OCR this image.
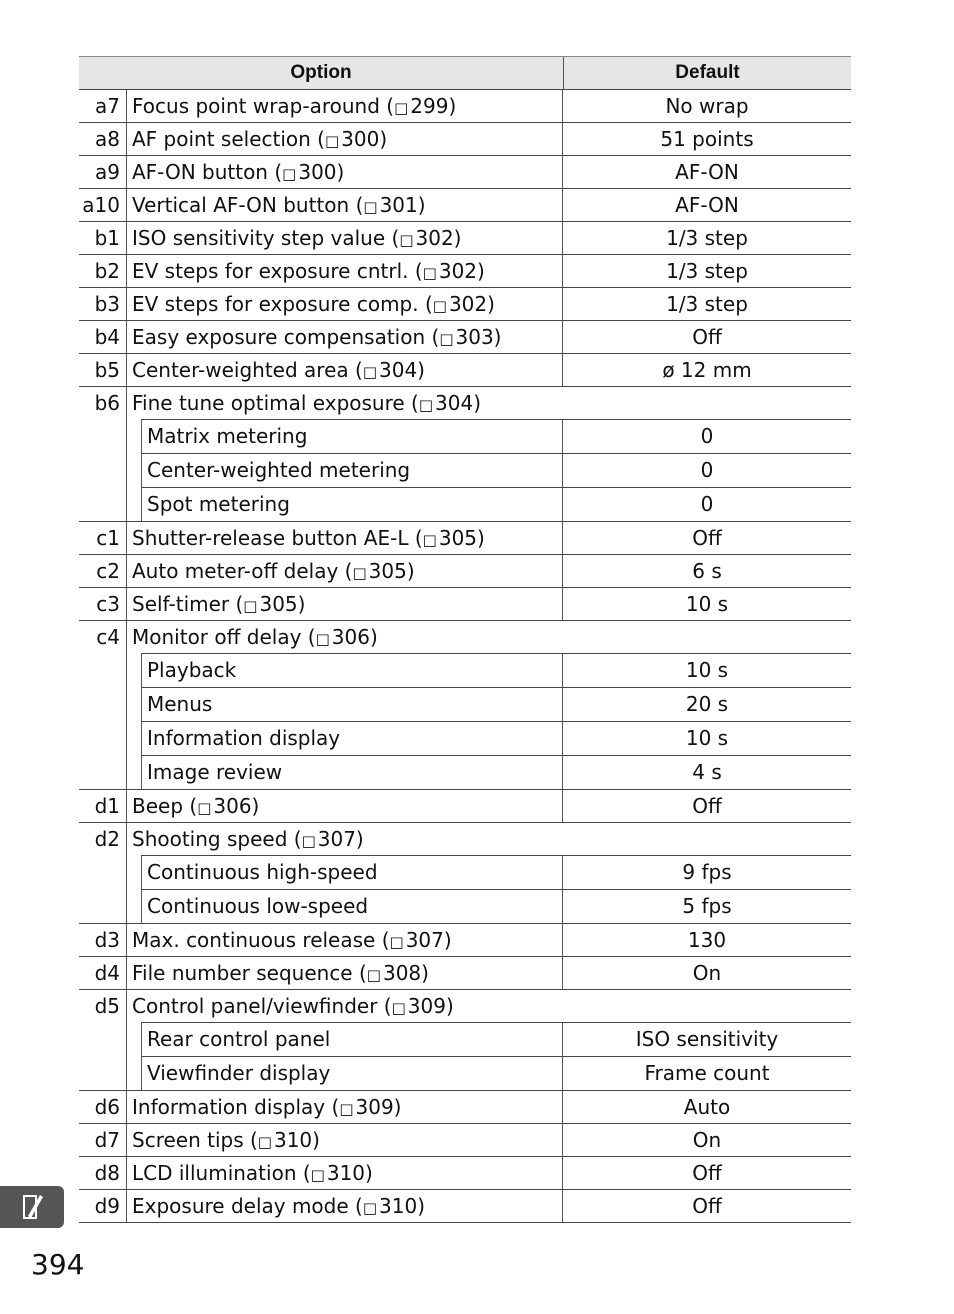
Option	Default
a7 Focus point wrap-around (□ 299)	No wrap
a8 AF point selection (□ 300)	51 points
a9 AF-ON button (□ 300)	AF-ON
a10 Vertical AF-ON button (□ 301)	AF-ON
b1 ISO sensitivity step value (□ 302)	1/3 step
b2 EV steps for exposure cntrl. (□ 302)	1/3 step
b3 EV steps for exposure comp. (□ 302)	1/3 step
b4 Easy exposure compensation (□ 303)	Off
b5 Center-weighted area (□ 304)	ø 12 mm
b6 Fine tune optimal exposure (□ 304)
Matrix metering	0
Center-weighted metering	0
Spot metering	0
c1 Shutter-release button AE-L (□ 305)	Off
c2 Auto meter-off delay (□ 305)	6 s
c3 Self-timer (□ 305)	10 s
c4 Monitor off delay (□ 306)
Playback	10 s
Menus	20 s
Information display	10 s
Image review	4 s
d1 Beep (□ 306)	Off
d2 Shooting speed (□ 307)
Continuous high-speed	9 fps
Continuous low-speed	5 fps
d3 Max. continuous release (□ 307)	130
d4 File number sequence (□ 308)	On
d5 Control panel/viewfinder (□ 309)
Rear control panel	ISO sensitivity
Viewfinder display	Frame count
d6 Information display (□ 309)	Auto
d7 Screen tips (□ 310)	On
d8 LCD illumination (□ 310)	Off
d9 Exposure delay mode (□ 310)	Off
394
